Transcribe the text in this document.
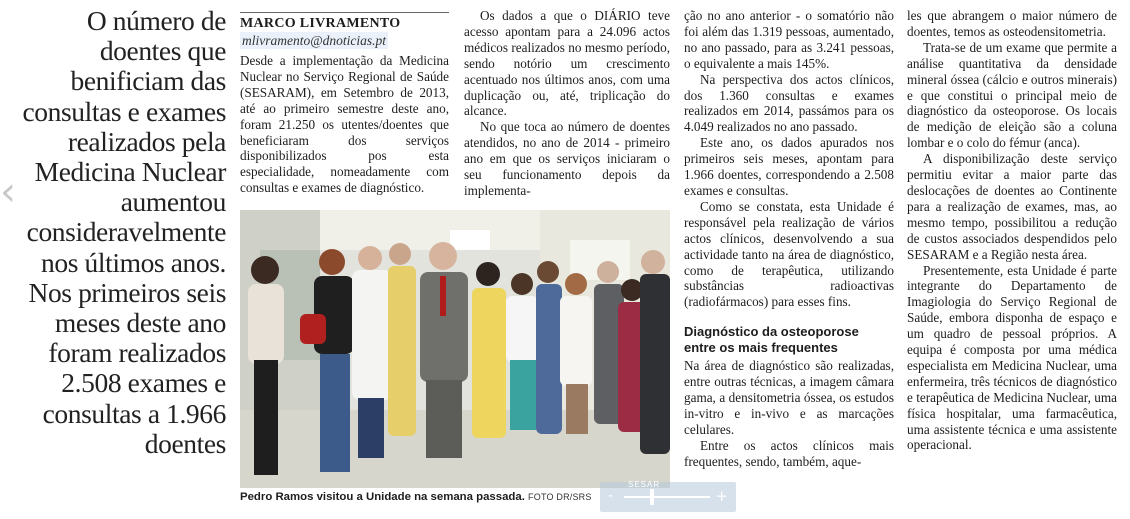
‹
O número de doentes que benificiam das consultas e exames realizados pela Medicina Nuclear aumentou consideravelmente nos últimos anos. Nos primeiros seis meses deste ano foram realizados 2.508 exames e consultas a 1.966 doentes
MARCO LIVRAMENTO
mlivramento@dnoticias.pt

Desde a implementação da Medicina Nuclear no Serviço Regional de Saúde (SESARAM), em Setembro de 2013, até ao primeiro semestre deste ano, foram 21.250 os utentes/doentes que beneficiaram dos serviços disponibilizados pos esta especialidade, nomeadamente com consultas e exames de diagnóstico.

Os dados a que o DIÁRIO teve acesso apontam para a 24.096 actos médicos realizados no mesmo período, sendo notório um crescimento acentuado nos últimos anos, com uma duplicação ou, até, triplicação do alcance.

No que toca ao número de doentes atendidos, no ano de 2014 - primeiro ano em que os serviços iniciaram o seu funcionamento depois da implementa-

ção no ano anterior - o somatório não foi além das 1.319 pessoas, aumentado, no ano passado, para as 3.241 pessoas, o equivalente a mais 145%.

Na perspectiva dos actos clínicos, dos 1.360 consultas e exames realizados em 2014, passámos para os 4.049 realizados no ano passado.

Este ano, os dados apurados nos primeiros seis meses, apontam para 1.966 doentes, correspondendo a 2.508 exames e consultas.

Como se constata, esta Unidade é responsável pela realização de vários actos clínicos, desenvolvendo a sua actividade tanto na área de diagnóstico, como de terapêutica, utilizando substâncias radioactivas (radiofármacos) para esses fins.

Diagnóstico da osteoporose entre os mais frequentes

Na área de diagnóstico são realizadas, entre outras técnicas, a imagem câmara gama, a densitometria óssea, os estudos in-vitro e in-vivo e as marcações celulares.

Entre os actos clínicos mais frequentes, sendo, também, aque-

les que abrangem o maior número de doentes, temos as osteodensitometria.

Trata-se de um exame que permite a análise quantitativa da densidade mineral óssea (cálcio e outros minerais) e que constitui o principal meio de diagnóstico da osteoporose. Os locais de medição de eleição são a coluna lombar e o colo do fémur (anca).

A disponibilização deste serviço permitiu evitar a maior parte das deslocações de doentes ao Continente para a realização de exames, mas, ao mesmo tempo, possibilitou a redução de custos associados despendidos pelo SESARAM e a Região nesta área.

Presentemente, esta Unidade é parte integrante do Departamento de Imagiologia do Serviço Regional de Saúde, embora disponha de espaço e um quadro de pessoal próprios. A equipa é composta por uma médica especialista em Medicina Nuclear, uma enfermeira, três técnicos de diagnóstico e terapêutica de Medicina Nuclear, uma física hospitalar, uma farmacêutica, uma assistente técnica e uma assistente operacional.

Pedro Ramos visitou a Unidade na semana passada. FOTO DR/SRS
SESAR
-	+
